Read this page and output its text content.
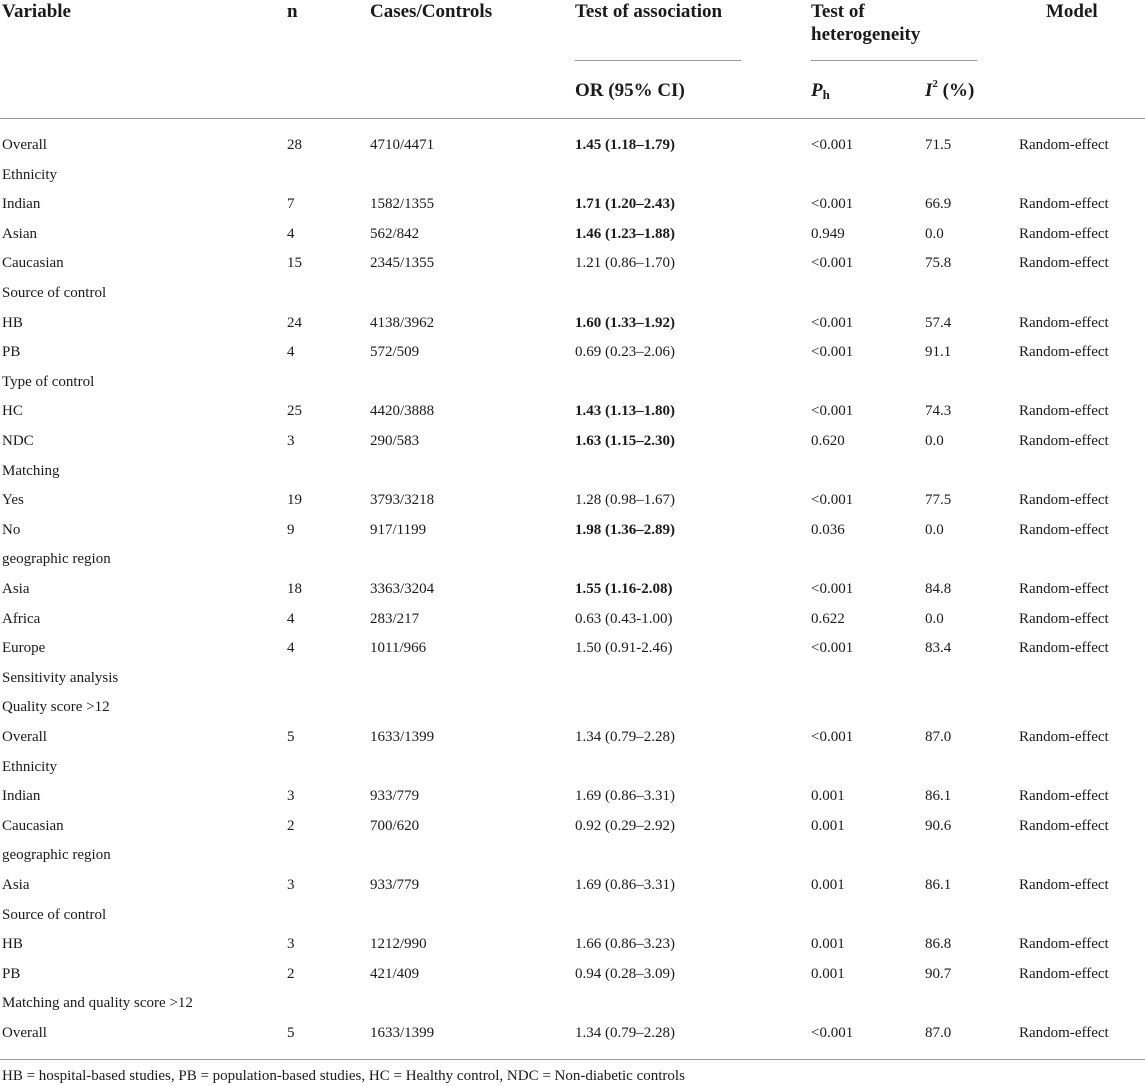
Variable	n	Cases/Controls	Test of association	Test of
heterogeneity
Model
OR (95% CI)	$P_h$	$I^2$ (%)
Overall	28	4710/4471	1.45 (1.18–1.79)	<0.001	71.5	Random-effect
Ethnicity
Indian	7	1582/1355	1.71 (1.20–2.43)	<0.001	66.9	Random-effect
Asian	4	562/842	1.46 (1.23–1.88)	0.949	0.0	Random-effect
Caucasian	15	2345/1355	1.21 (0.86–1.70)	<0.001	75.8	Random-effect
Source of control
HB	24	4138/3962	1.60 (1.33–1.92)	<0.001	57.4	Random-effect
PB	4	572/509	0.69 (0.23–2.06)	<0.001	91.1	Random-effect
Type of control
HC	25	4420/3888	1.43 (1.13–1.80)	<0.001	74.3	Random-effect
NDC	3	290/583	1.63 (1.15–2.30)	0.620	0.0	Random-effect
Matching
Yes	19	3793/3218	1.28 (0.98–1.67)	<0.001	77.5	Random-effect
No	9	917/1199	1.98 (1.36–2.89)	0.036	0.0	Random-effect
geographic region
Asia	18	3363/3204	1.55 (1.16-2.08)	<0.001	84.8	Random-effect
Africa	4	283/217	0.63 (0.43-1.00)	0.622	0.0	Random-effect
Europe	4	1011/966	1.50 (0.91-2.46)	<0.001	83.4	Random-effect
Sensitivity analysis
Quality score >12
Overall	5	1633/1399	1.34 (0.79–2.28)	<0.001	87.0	Random-effect
Ethnicity
Indian	3	933/779	1.69 (0.86–3.31)	0.001	86.1	Random-effect
Caucasian	2	700/620	0.92 (0.29–2.92)	0.001	90.6	Random-effect
geographic region
Asia	3	933/779	1.69 (0.86–3.31)	0.001	86.1	Random-effect
Source of control
HB	3	1212/990	1.66 (0.86–3.23)	0.001	86.8	Random-effect
PB	2	421/409	0.94 (0.28–3.09)	0.001	90.7	Random-effect
Matching and quality score >12
Overall	5	1633/1399	1.34 (0.79–2.28)	<0.001	87.0	Random-effect
HB = hospital-based studies, PB = population-based studies, HC = Healthy control, NDC = Non-diabetic controls
